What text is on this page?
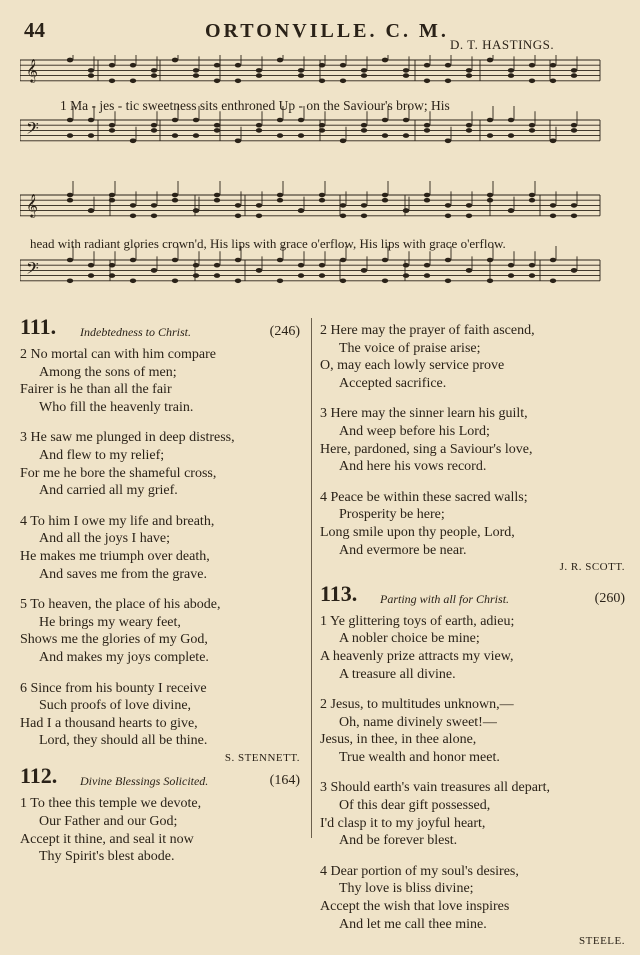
44	ORTONVILLE. C. M.
D. T. HASTINGS.
𝄞
𝄢
𝄞
𝄢
1 Ma - jes - tic sweetness sits enthroned Up - on the Saviour's brow; His
head with radiant glories crown'd, His lips with grace o'erflow, His lips with grace o'erflow.
111. Indebtedness to Christ.	(246)
2 No mortal can with him compare
Among the sons of men;
Fairer is he than all the fair
Who fill the heavenly train.
3 He saw me plunged in deep distress,
And flew to my relief;
For me he bore the shameful cross,
And carried all my grief.
4 To him I owe my life and breath,
And all the joys I have;
He makes me triumph over death,
And saves me from the grave.
5 To heaven, the place of his abode,
He brings my weary feet,
Shows me the glories of my God,
And makes my joys complete.
6 Since from his bounty I receive
Such proofs of love divine,
Had I a thousand hearts to give,
Lord, they should all be thine.
S. STENNETT.
112. Divine Blessings Solicited.	(164)
1 To thee this temple we devote,
Our Father and our God;
Accept it thine, and seal it now
Thy Spirit's blest abode.
2 Here may the prayer of faith ascend,
The voice of praise arise;
O, may each lowly service prove
Accepted sacrifice.
3 Here may the sinner learn his guilt,
And weep before his Lord;
Here, pardoned, sing a Saviour's love,
And here his vows record.
4 Peace be within these sacred walls;
Prosperity be here;
Long smile upon thy people, Lord,
And evermore be near.
J. R. SCOTT.
113. Parting with all for Christ.	(260)
1 Ye glittering toys of earth, adieu;
A nobler choice be mine;
A heavenly prize attracts my view,
A treasure all divine.
2 Jesus, to multitudes unknown,—
Oh, name divinely sweet!—
Jesus, in thee, in thee alone,
True wealth and honor meet.
3 Should earth's vain treasures all depart,
Of this dear gift possessed,
I'd clasp it to my joyful heart,
And be forever blest.
4 Dear portion of my soul's desires,
Thy love is bliss divine;
Accept the wish that love inspires
And let me call thee mine.
STEELE.
